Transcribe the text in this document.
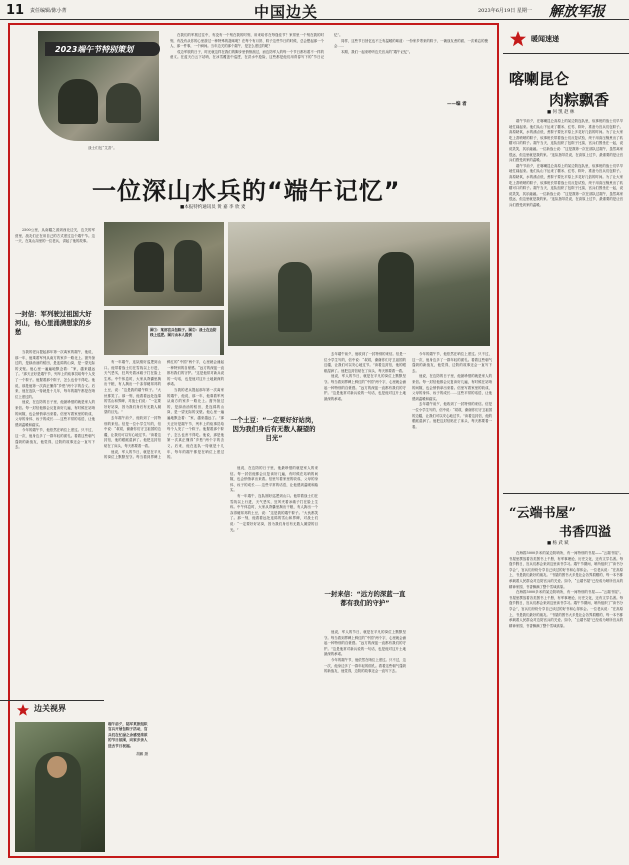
11 责任编辑/陈小菁	中国边关	2023年6月19日 星期一 解放军报
2023端午节特别策划
战士们包“艾香”。

在我们的军旅过往中，有没有一个刻在我的时刻，用来给你在每逢佳节？家常里一个刻在我的时刻，有没有从你的心里游过一种特殊的滋味呢？在每个有月饼、粽子这些节日的时候，总会想起那一个人、那一件事，一个瞬间。当年边关的那个端午，是怎么度过的呢？

戍边军旅的日子，时光就这样在我们的脚步里悄悄溜过，而边防军人的每一个节日都有着不一样的意义。在蓝天白云下站哨，在冰雪覆盖中巡逻，在洪水中抢险，这些都是他们用青春写下的“节日记忆”。

同样，这些节日回忆也不乏有温暖的味道：一份家乡寄来的粽子、一碗战友煮的面、一次难忘的聚会……

本期，我们一起来聆听边关官兵的“端午记忆”。

——编 者
一位深山水兵的“端午记忆”
■本报特约通讯员 黄 嘉 李 欣 麦

2500公里，从南疆之滨到西北边关，边关的军营里，战友们正在用自己的方式度过这个端午节。这一天，在某山沟里的一位老兵，讲起了他的故事。

一封信：军列驶过祖国大好河山，他心里涌满想家的乡愁

当我的老兵提起那年第一次离家的端午，他说，那一年，他乘着军列从南方的家乡一路北上。窗外掠过的，是绿油油的稻田，是连绵的山岗，是一望无际的戈壁。他心里一遍遍地默念着：“家，越来越远了。”那天正好是端午节，列车上的炊事员给每个人发了一个粽子。他握着那个粽子，怎么也舍不得吃。他说，那是他第一次真正懂得“乡愁”两个字的含义。后来，他在连队一待就是十几年，每年的端午都是在哨位上度过的。

他说，在边防的日子里，他最珍惜的就是家人的来信。每一封信他都会反复读好几遍，有时候在站哨的间隙，也会悄悄拿出来看。信里写着家里的收成、父母的身体、孩子的成长……这些平常的话语，让他感到温暖和踏实。

今年的端午节，他依然在哨位上度过。只不过，这一次，他身边多了一群年轻的面孔。看着这些朝气蓬勃的新战友，他觉得，边防的故事还会一直写下去。

图①：某部官兵包粽子。图②：战士在边防线上巡逻。图片由本人提供

有一年端午，连队刚好巡逻到山口。他带着战士们在雪线以上行进，天气恶劣，狂风夹着冰碴子打在脸上生疼。中午休息时，大家从背囊里掏出干粮，有人掏出一个冻得硬邦邦的土豆，说：“这是我的端午粽子。”大伙都笑了。那一刻，他看着远处连绵的雪山和界碑，对战士们说：“一定要好好站岗，因为我们身后有无数人凝望的目光。”

去年端午前夕，他收到了一封特别的来信。信是一位小学生写的，信中说：“叔叔，谢谢你们守卫祖国的边疆，让我们可以安心地过节。”读着这封信，他的眼眶湿润了。他把这封信贴在了床头，每天都要看一看。

他说，军人的节日，就是在平凡的岗位上默默坚守。每当看到界碑上鲜红的“中国”两个字，心里就会涌起一种特别的自豪感。“远方的深蓝一直都有我们的守护。”这是他常对新兵说的一句话，也是他对这片土地最深的承诺。

当我的老兵提起那年第一次离家的端午，他说，那一年，他乘着军列从南方的家乡一路北上。窗外掠过的，是绿油油的稻田，是连绵的山岗，是一望无际的戈壁。他心里一遍遍地默念着：“家，越来越远了。”那天正好是端午节，列车上的炊事员给每个人发了一个粽子。他握着那个粽子，怎么也舍不得吃。他说，那是他第一次真正懂得“乡愁”两个字的含义。后来，他在连队一待就是十几年，每年的端午都是在哨位上度过的。

一个土豆：“一定要好好站岗，因为我们身后有无数人凝望的目光”

他说，在边防的日子里，他最珍惜的就是家人的来信。每一封信他都会反复读好几遍，有时候在站哨的间隙，也会悄悄拿出来看。信里写着家里的收成、父母的身体、孩子的成长……这些平常的话语，让他感到温暖和踏实。

有一年端午，连队刚好巡逻到山口。他带着战士们在雪线以上行进，天气恶劣，狂风夹着冰碴子打在脸上生疼。中午休息时，大家从背囊里掏出干粮，有人掏出一个冻得硬邦邦的土豆，说：“这是我的端午粽子。”大伙都笑了。那一刻，他看着远处连绵的雪山和界碑，对战士们说：“一定要好好站岗，因为我们身后有无数人凝望的目光。”

去年端午前夕，他收到了一封特别的来信。信是一位小学生写的，信中说：“叔叔，谢谢你们守卫祖国的边疆，让我们可以安心地过节。”读着这封信，他的眼眶湿润了。他把这封信贴在了床头，每天都要看一看。

他说，军人的节日，就是在平凡的岗位上默默坚守。每当看到界碑上鲜红的“中国”两个字，心里就会涌起一种特别的自豪感。“远方的深蓝一直都有我们的守护。”这是他常对新兵说的一句话，也是他对这片土地最深的承诺。

一封来信：“远方的深蓝一直都有我们的守护”

他说，军人的节日，就是在平凡的岗位上默默坚守。每当看到界碑上鲜红的“中国”两个字，心里就会涌起一种特别的自豪感。“远方的深蓝一直都有我们的守护。”这是他常对新兵说的一句话，也是他对这片土地最深的承诺。

今年的端午节，他依然在哨位上度过。只不过，这一次，他身边多了一群年轻的面孔。看着这些朝气蓬勃的新战友，他觉得，边防的故事还会一直写下去。

今年的端午节，他依然在哨位上度过。只不过，这一次，他身边多了一群年轻的面孔。看着这些朝气蓬勃的新战友，他觉得，边防的故事还会一直写下去。

他说，在边防的日子里，他最珍惜的就是家人的来信。每一封信他都会反复读好几遍，有时候在站哨的间隙，也会悄悄拿出来看。信里写着家里的收成、父母的身体、孩子的成长……这些平常的话语，让他感到温暖和踏实。

去年端午前夕，他收到了一封特别的来信。信是一位小学生写的，信中说：“叔叔，谢谢你们守卫祖国的边疆，让我们可以安心地过节。”读着这封信，他的眼眶湿润了。他把这封信贴在了床头，每天都要看一看。

边关视界
端午前夕，陆军某旅组织官兵开展包粽子活动，官兵们在忙碌之余感受浓浓的节日氛围，向家乡亲人送去节日祝福。
胡鹏 摄
暖闻速递
喀喇昆仑
肉粽飘香
■ 何 凯 赵 林

端午节前夕，在喀喇昆仑高原上的某边防连队里，炊事班的战士们早早地忙碌起来。他们从山下运来了糯米、红枣、粽叶，准备为官兵们包粽子。高原缺氧，水的沸点低，煮粽子要比平原上多花好几倍的时间。为了让大家吃上香喷喷的粽子，炊事班长带着战士们反复试验，终于用高压锅煮出了软糯可口的粽子。端午当天，连队组织了包粽子比赛，官兵们围坐在一起，说说笑笑，其乐融融。一位新战士说：“这是我第一次在部队过端午，虽然离家很远，但这里就是我的家。”连队指导员说，在高原上过节，最重要的是让官兵们感受到家的温暖。

端午节前夕，在喀喇昆仑高原上的某边防连队里，炊事班的战士们早早地忙碌起来。他们从山下运来了糯米、红枣、粽叶，准备为官兵们包粽子。高原缺氧，水的沸点低，煮粽子要比平原上多花好几倍的时间。为了让大家吃上香喷喷的粽子，炊事班长带着战士们反复试验，终于用高压锅煮出了软糯可口的粽子。端午当天，连队组织了包粽子比赛，官兵们围坐在一起，说说笑笑，其乐融融。一位新战士说：“这是我第一次在部队过端午，虽然离家很远，但这里就是我的家。”连队指导员说，在高原上过节，最重要的是让官兵们感受到家的温暖。

“云端书屋”
书香四溢
■ 杨 武 斌

在海拔5000多米的某边防哨所，有一间特别的书屋——“云端书屋”。书屋里摆放着各类图书上千册，有军事理论、历史文化，还有文学名著。每逢节假日，官兵们都会来到这里读书学习。端午节期间，哨所组织了“读书分享会”，官兵们纷纷分享自己读过的好书和心得体会。一位老兵说：“在高原上，书是我们最好的朋友。”书屋的图书大多是社会各界捐赠的，每一本书都承载着人民群众对边防官兵的关爱。如今，“云端书屋”已经成为哨所官兵的精神家园，书香飘满了整个雪域高原。

在海拔5000多米的某边防哨所，有一间特别的书屋——“云端书屋”。书屋里摆放着各类图书上千册，有军事理论、历史文化，还有文学名著。每逢节假日，官兵们都会来到这里读书学习。端午节期间，哨所组织了“读书分享会”，官兵们纷纷分享自己读过的好书和心得体会。一位老兵说：“在高原上，书是我们最好的朋友。”书屋的图书大多是社会各界捐赠的，每一本书都承载着人民群众对边防官兵的关爱。如今，“云端书屋”已经成为哨所官兵的精神家园，书香飘满了整个雪域高原。
